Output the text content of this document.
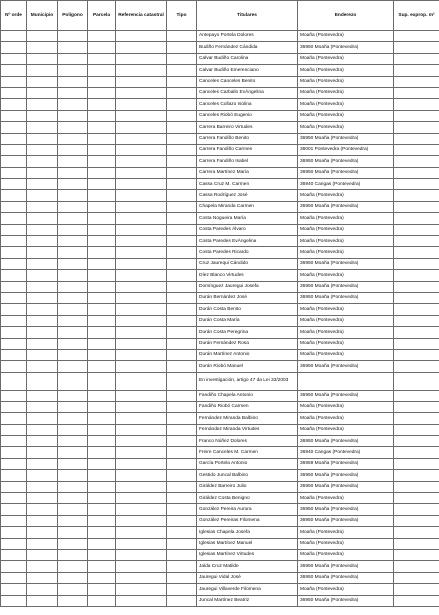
Nº orde	Municipio	Polígono	Parcela	Referencia catastral	Tipo	Titulares	Enderezo	Sup. exprop. m²
						Antepayo Portela Dolores	Moaña (Pontevedra)	
						Budiño Fernández Cándida	36950 Moaña (Pontevedra)	
						Calvar Budiño Carolina	Moaña (Pontevedra)	
						Calvar Budiño Emerenciano	Moaña (Pontevedra)	
						Canceles Canceles Benito	Moaña (Pontevedra)	
						Canceles Carballo EvÁngelina	Moaña (Pontevedra)	
						Canceles Collazo Isolina	Moaña (Pontevedra)	
						Canceles Riobó Eugenio	Moaña (Pontevedra)	
						Carrera Barreiro Virtudes	Moaña (Pontevedra)	
						Carrera Fandiño Benito	36950 Moaña (Pontevedra)	
						Carrera Fandiño Carmen	36001 Pontevedra (Pontevedra)	
						Carrera Fandiño Isabel	36950 Moaña (Pontevedra)	
						Carrera Martínez María	36950 Moaña (Pontevedra)	
						Cassa Cruz M. Carmen	36940 Cangas (Pontevedra)	
						Cassa Rodríguez José	Moaña (Pontevedra)	
						Chapela Miranda Carmen	36950 Moaña (Pontevedra)	
						Costa Nogueira María	Moaña (Pontevedra)	
						Costa Paredes Álvaro	Moaña (Pontevedra)	
						Costa Paredes EvÁngelina	Moaña (Pontevedra)	
						Costa Paredes Ricardo	Moaña (Pontevedra)	
						Cruz Jaurequi Cándido	36950 Moaña (Pontevedra)	
						Díez Blanco Virtudes	Moaña (Pontevedra)	
						Domínguez Jauregui Josefa	36950 Moaña (Pontevedra)	
						Durán Bernárdez José	36950 Moaña (Pontevedra)	
						Durán Costa Benito	Moaña (Pontevedra)	
						Durán Costa María	Moaña (Pontevedra)	
						Durán Costa Peregrina	Moaña (Pontevedra)	
						Durán Fernández Rosa	Moaña (Pontevedra)	
						Durán Martínez Antonio	Moaña (Pontevedra)	
						Durán Riobó Manuel	36950 Moaña (Pontevedra)	
						En investigación, artigo 47 da Lei 33/2003		
						Fandiño Chapela Antonio	36950 Moaña (Pontevedra)	
						Fandiño Riobó Carmen	Moaña (Pontevedra)	
						Fernández Miranda Balbino	Moaña (Pontevedra)	
						Fernández Miranda Virtudes	Moaña (Pontevedra)	
						Franco Núñez Dolores	36950 Moaña (Pontevedra)	
						Freire Canceles M. Carmen	36940 Cangas (Pontevedra)	
						García Portela Antonio	36959 Moaña (Pontevedra)	
						Gestido Juncal Balbino	36950 Moaña (Pontevedra)	
						Giráldez Barreiro Julio	36950 Moaña (Pontevedra)	
						Giráldez Costa Benigno	Moaña (Pontevedra)	
						González Pereira Aurora	36950 Moaña (Pontevedra)	
						González Pereiras Filomena	36950 Moaña (Pontevedra)	
						Iglesias Chapela Josefa	Moaña (Pontevedra)	
						Iglesias Martínez Manuel	Moaña (Pontevedra)	
						Iglesias Martínez Virtudes	Moaña (Pontevedra)	
						Jalda Cruz Matilde	36950 Moaña (Pontevedra)	
						Jauregui Vidal José	36950 Moaña (Pontevedra)	
						Jauregui Villaverde Filomena	Moaña (Pontevedra)	
						Juncal Martínez Beatriz	36950 Moaña (Pontevedra)	
